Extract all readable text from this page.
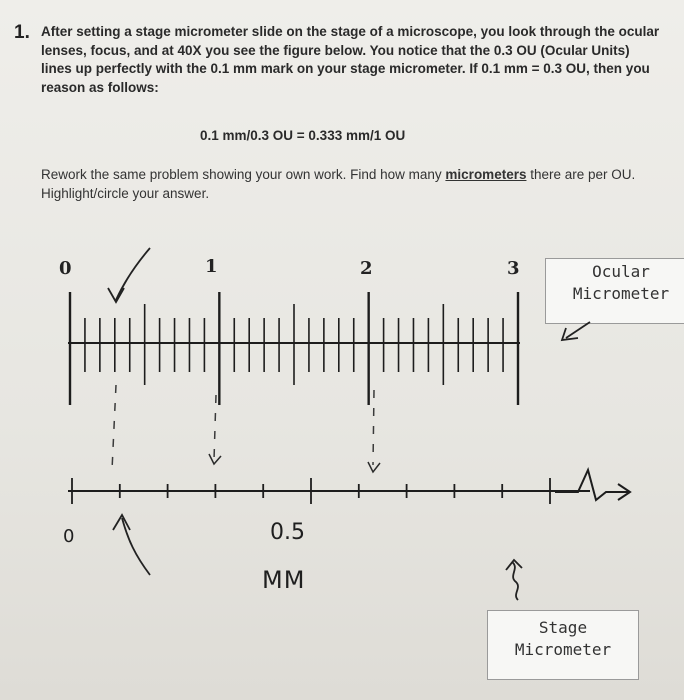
1. After setting a stage micrometer slide on the stage of a microscope, you look through the ocular lenses, focus, and at 40X you see the figure below. You notice that the 0.3 OU (Ocular Units) lines up perfectly with the 0.1 mm mark on your stage micrometer. If 0.1 mm = 0.3 OU, then you reason as follows:
0.1 mm/0.3 OU = 0.333 mm/1 OU
Rework the same problem showing your own work. Find how many micrometers there are per OU. Highlight/circle your answer.
0	1	2	3	Ocular
Micrometer
Stage
Micrometer
0	0.5
MM
